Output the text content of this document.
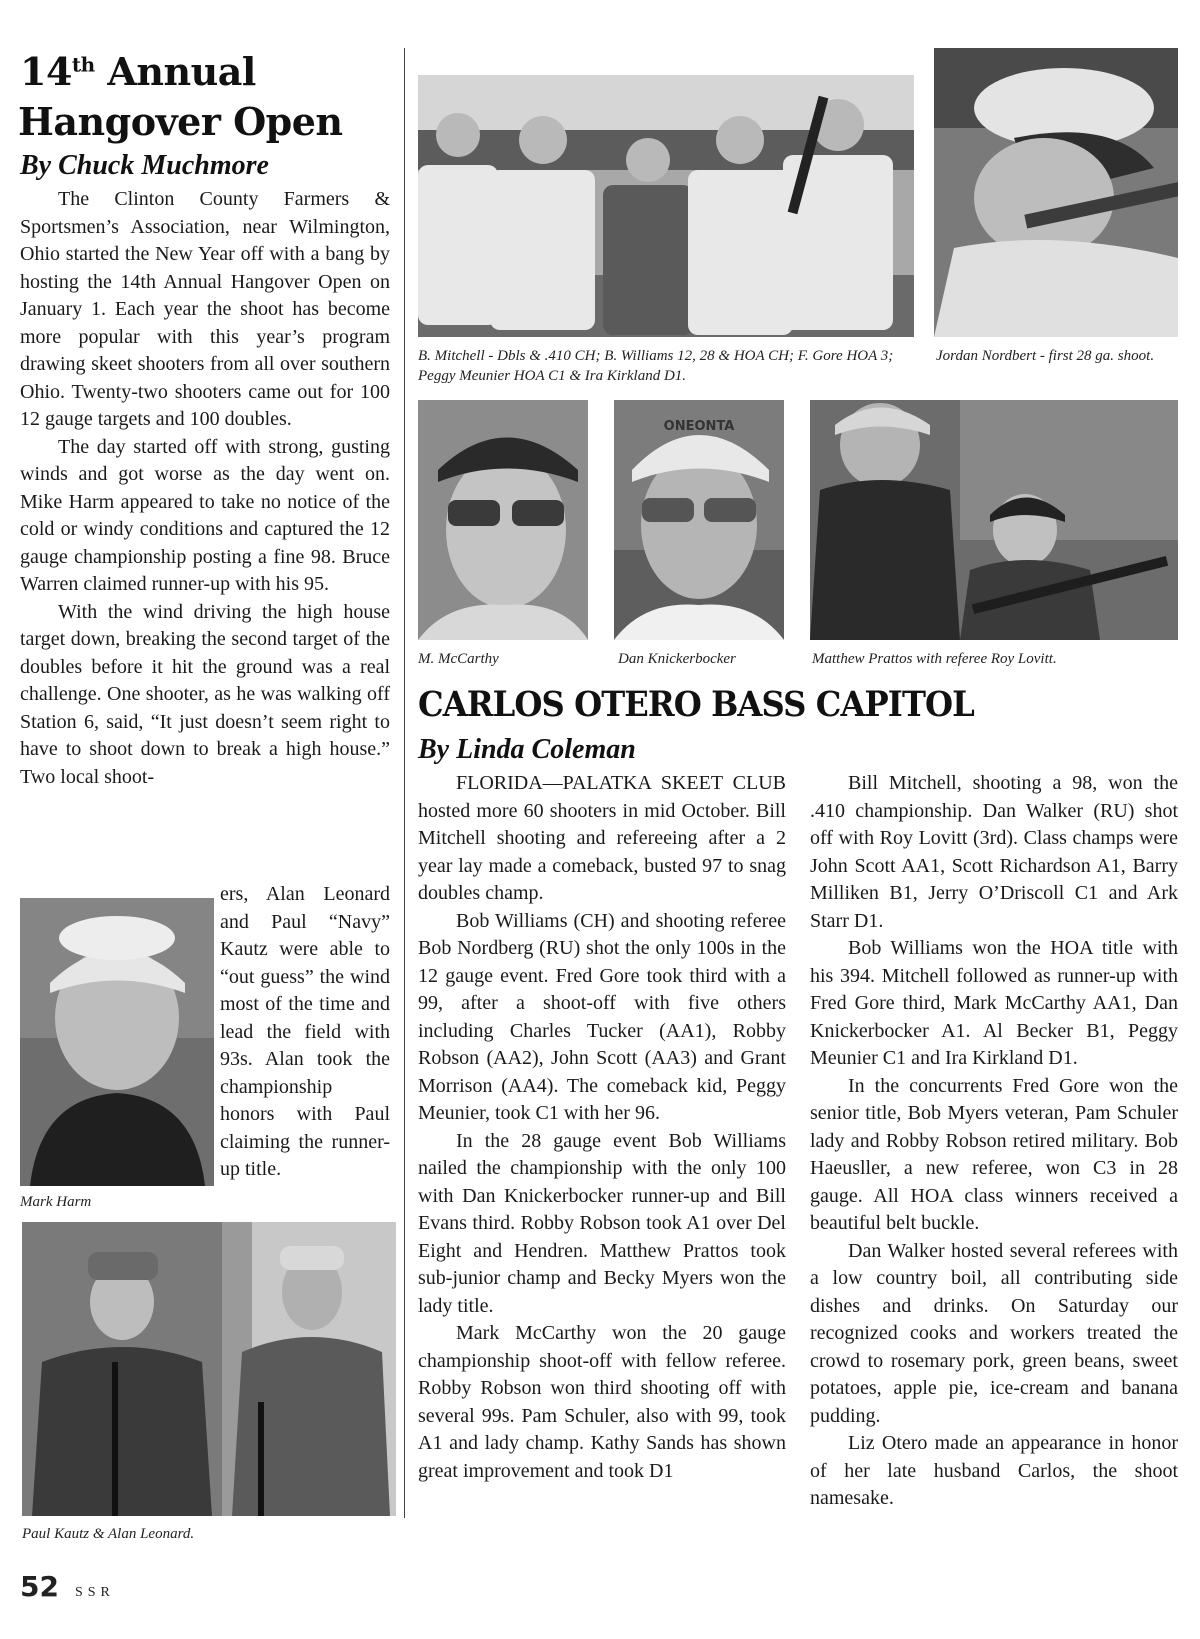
14th Annual
Hangover Open
By Chuck Muchmore

The Clinton County Farmers & Sportsmen’s Association, near Wilmington, Ohio started the New Year off with a bang by hosting the 14th Annual Hangover Open on January 1. Each year the shoot has become more popular with this year’s program drawing skeet shooters from all over southern Ohio. Twenty-two shooters came out for 100 12 gauge targets and 100 doubles.

The day started off with strong, gusting winds and got worse as the day went on. Mike Harm appeared to take no notice of the cold or windy conditions and captured the 12 gauge championship posting a fine 98. Bruce Warren claimed runner-up with his 95.

With the wind driving the high house target down, breaking the second target of the doubles before it hit the ground was a real challenge. One shooter, as he was walking off Station 6, said, “It just doesn’t seem right to have to shoot down to break a high house.” Two local shoot-

ers, Alan Leonard and Paul “Navy” Kautz were able to “out guess” the wind most of the time and lead the field with 93s. Alan took the championship honors with Paul claiming the runner-up title.

Mark Harm
Paul Kautz & Alan Leonard.
B. Mitchell - Dbls & .410 CH; B. Williams 12, 28 & HOA CH; F. Gore HOA 3; Peggy Meunier HOA C1 & Ira Kirkland D1.
Jordan Nordbert - first 28 ga. shoot.
M. McCarthy
ONEONTA
Dan Knickerbocker	Matthew Prattos with referee Roy Lovitt.
CARLOS OTERO BASS CAPITOL
By Linda Coleman

FLORIDA—PALATKA SKEET CLUB hosted more 60 shooters in mid October. Bill Mitchell shooting and refereeing after a 2 year lay made a comeback, busted 97 to snag doubles champ.

Bob Williams (CH) and shooting referee Bob Nordberg (RU) shot the only 100s in the 12 gauge event. Fred Gore took third with a 99, after a shoot-off with five others including Charles Tucker (AA1), Robby Robson (AA2), John Scott (AA3) and Grant Morrison (AA4). The comeback kid, Peggy Meunier, took C1 with her 96.

In the 28 gauge event Bob Williams nailed the championship with the only 100 with Dan Knickerbocker runner-up and Bill Evans third. Robby Robson took A1 over Del Eight and Hendren. Matthew Prattos took sub-junior champ and Becky Myers won the lady title.

Mark McCarthy won the 20 gauge championship shoot-off with fellow referee. Robby Robson won third shooting off with several 99s. Pam Schuler, also with 99, took A1 and lady champ. Kathy Sands has shown great improvement and took D1

Bill Mitchell, shooting a 98, won the .410 championship. Dan Walker (RU) shot off with Roy Lovitt (3rd). Class champs were John Scott AA1, Scott Richardson A1, Barry Milliken B1, Jerry O’Driscoll C1 and Ark Starr D1.

Bob Williams won the HOA title with his 394. Mitchell followed as runner-up with Fred Gore third, Mark McCarthy AA1, Dan Knickerbocker A1. Al Becker B1, Peggy Meunier C1 and Ira Kirkland D1.

In the concurrents Fred Gore won the senior title, Bob Myers veteran, Pam Schuler lady and Robby Robson retired military. Bob Haeusller, a new referee, won C3 in 28 gauge. All HOA class winners received a beautiful belt buckle.

Dan Walker hosted several referees with a low country boil, all contributing side dishes and drinks. On Saturday our recognized cooks and workers treated the crowd to rosemary pork, green beans, sweet potatoes, apple pie, ice-cream and banana pudding.

Liz Otero made an appearance in honor of her late husband Carlos, the shoot namesake.

52 SSR
